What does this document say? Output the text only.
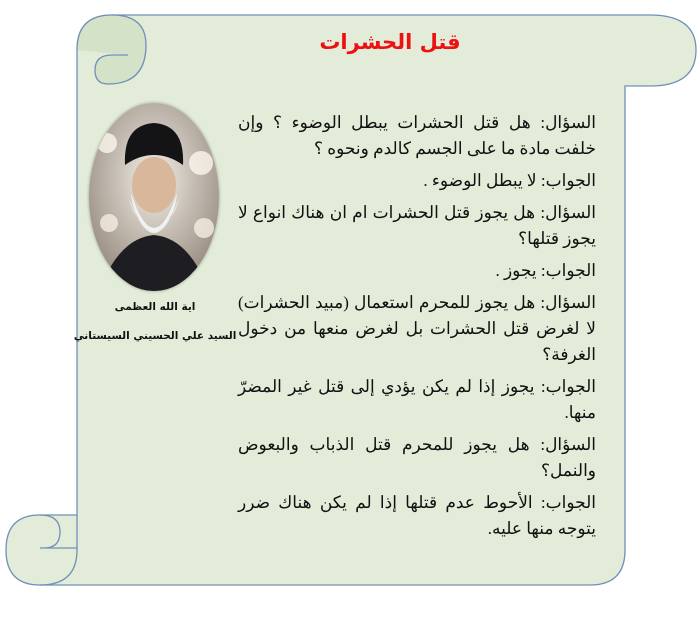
قتل الحشرات
اية الله العظمى
السيد علي الحسيني السيستاني
السؤال: هل قتل الحشرات يبطل الوضوء ؟ وإن خلفت مادة ما على الجسم كالدم ونحوه ؟
الجواب: لا يبطل الوضوء .
السؤال: هل يجوز قتل الحشرات ام ان هناك انواع لا يجوز قتلها؟
الجواب: يجوز .
السؤال: هل يجوز للمحرم استعمال (مبيد الحشرات) لا لغرض قتل الحشرات بل لغرض منعها من دخول الغرفة؟
الجواب: يجوز إذا لم يكن يؤدي إلى قتل غير المضرّ منها.
السؤال: هل يجوز للمحرم قتل الذباب والبعوض والنمل؟
الجواب: الأحوط عدم قتلها إذا لم يكن هناك ضرر يتوجه منها عليه.
